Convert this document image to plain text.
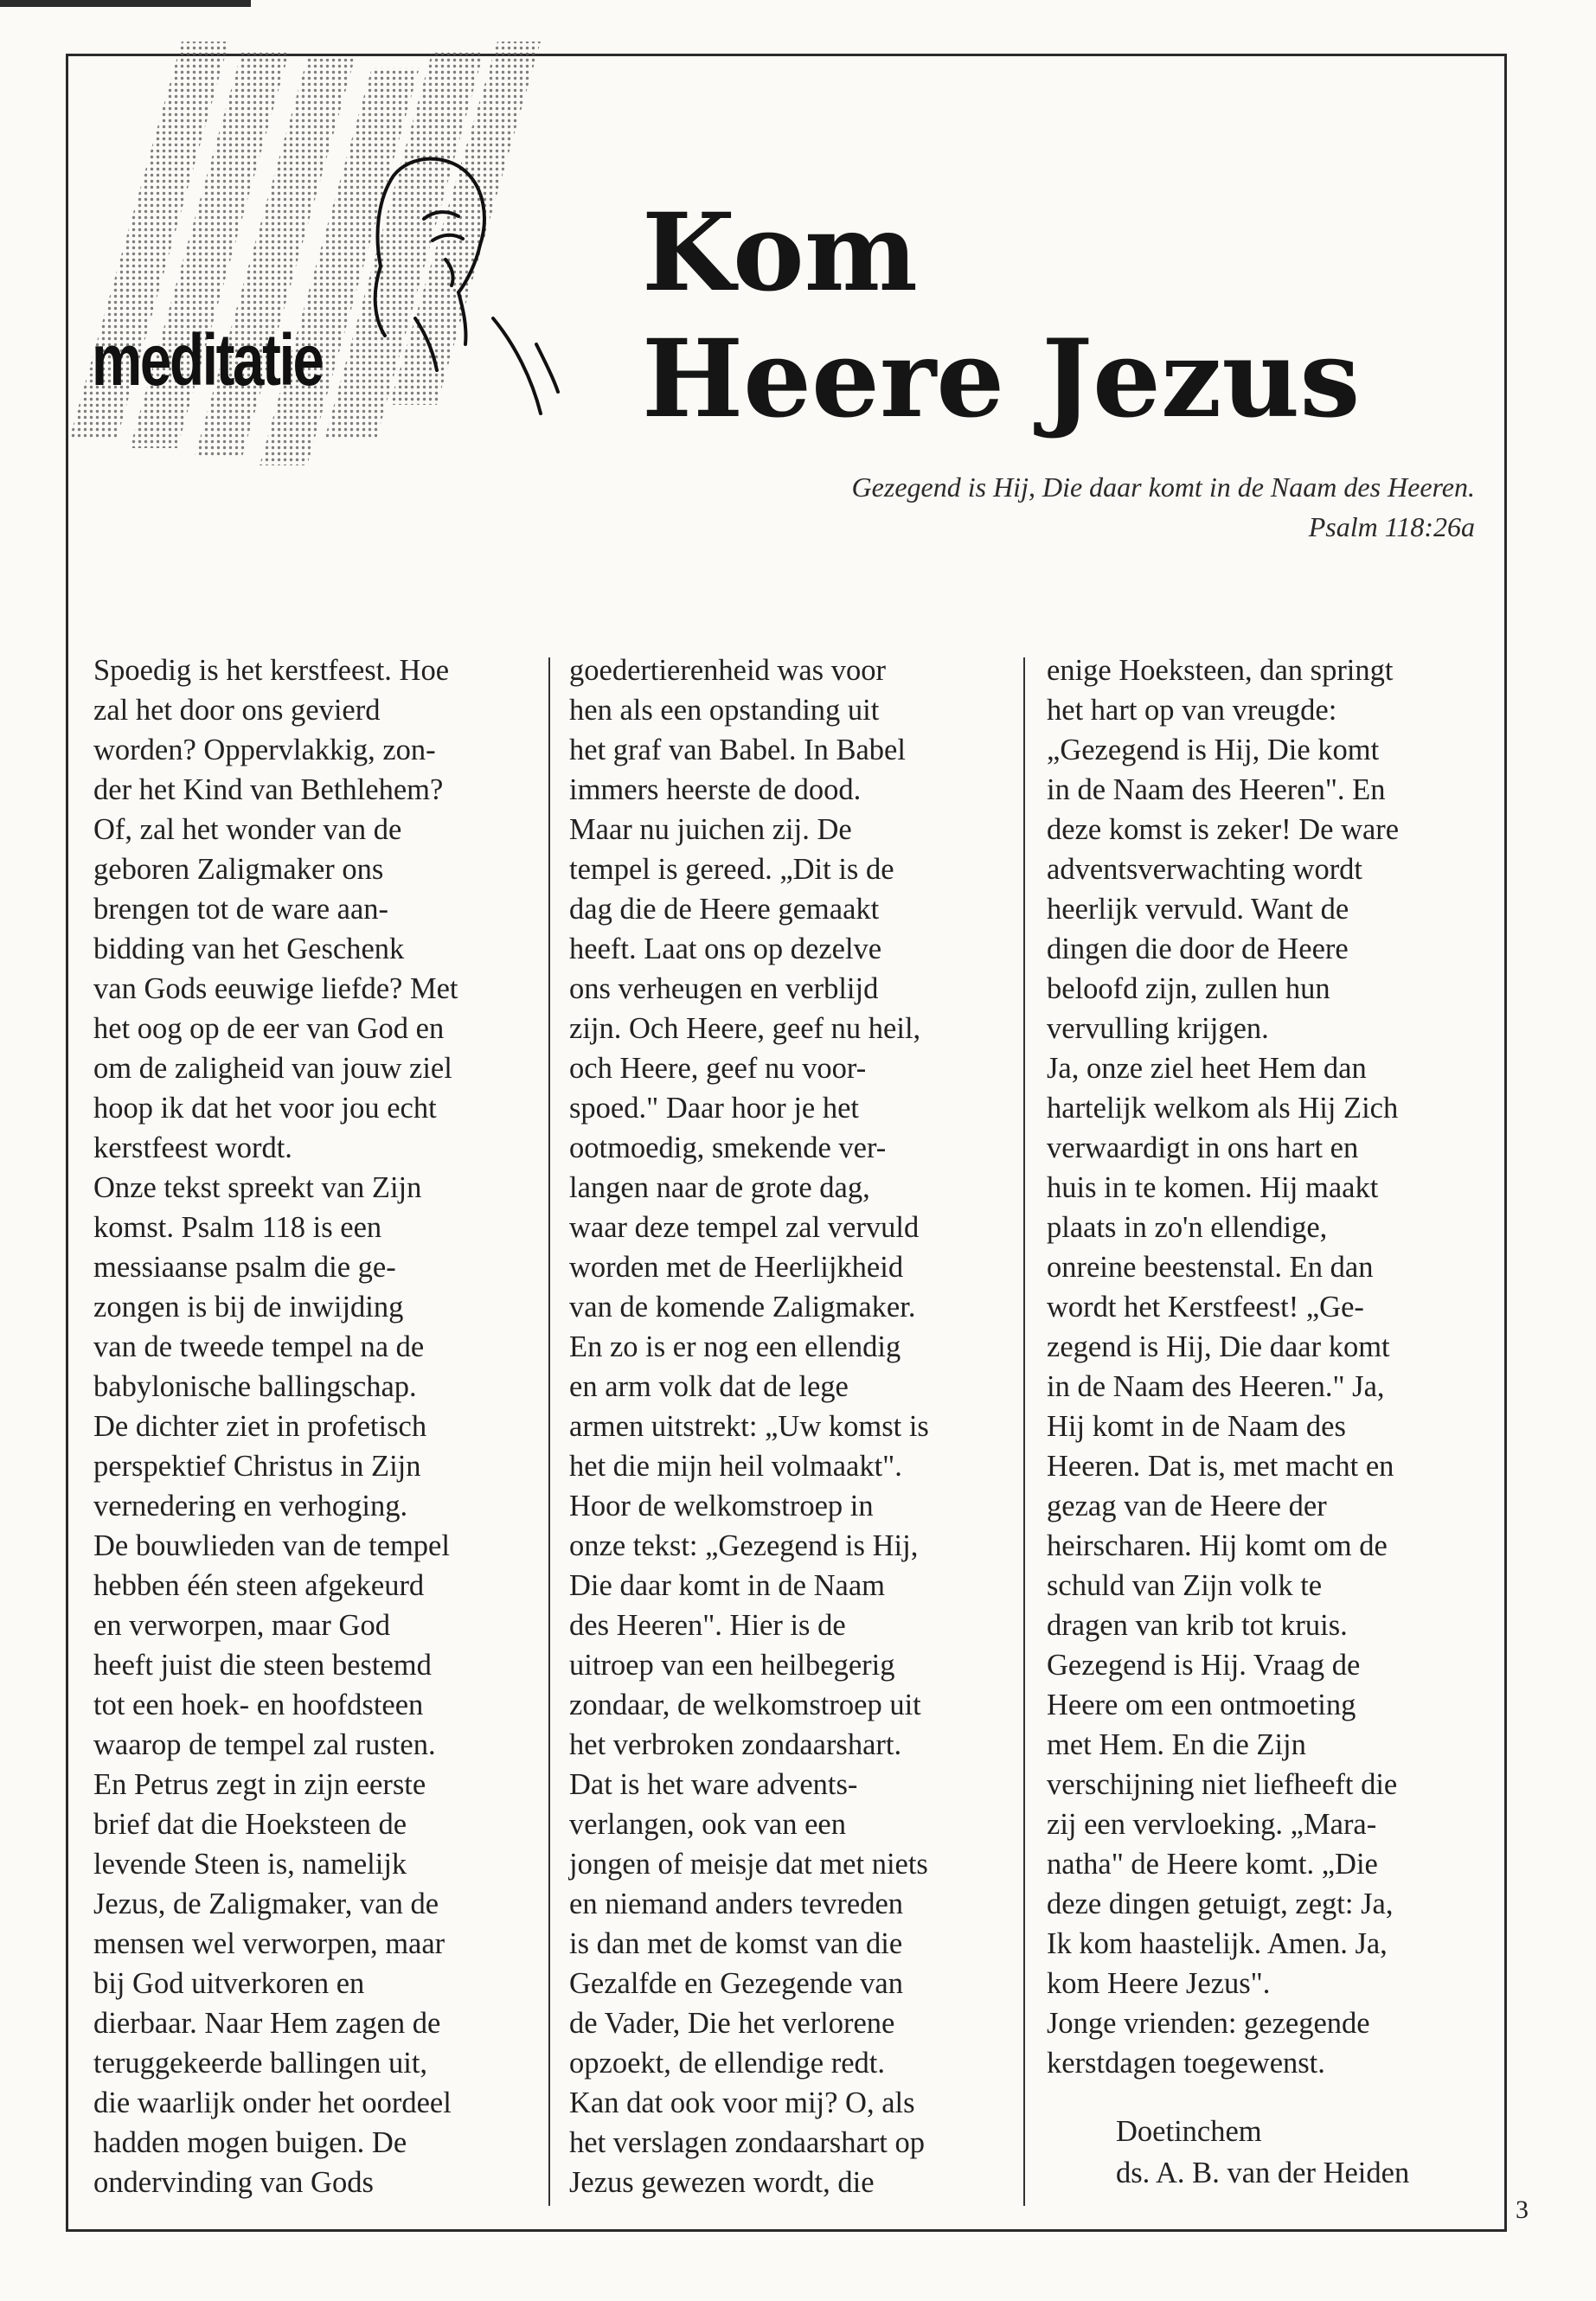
meditatie
Kom
Heere Jezus
Gezegend is Hij, Die daar komt in de Naam des Heeren.
Psalm 118:26a
Spoedig is het kerstfeest. Hoe
zal het door ons gevierd
worden? Oppervlakkig, zon-
der het Kind van Bethlehem?
Of, zal het wonder van de
geboren Zaligmaker ons
brengen tot de ware aan-
bidding van het Geschenk
van Gods eeuwige liefde? Met
het oog op de eer van God en
om de zaligheid van jouw ziel
hoop ik dat het voor jou echt
kerstfeest wordt.
Onze tekst spreekt van Zijn
komst. Psalm 118 is een
messiaanse psalm die ge-
zongen is bij de inwijding
van de tweede tempel na de
babylonische ballingschap.
De dichter ziet in profetisch
perspektief Christus in Zijn
vernedering en verhoging.
De bouwlieden van de tempel
hebben één steen afgekeurd
en verworpen, maar God
heeft juist die steen bestemd
tot een hoek- en hoofdsteen
waarop de tempel zal rusten.
En Petrus zegt in zijn eerste
brief dat die Hoeksteen de
levende Steen is, namelijk
Jezus, de Zaligmaker, van de
mensen wel verworpen, maar
bij God uitverkoren en
dierbaar. Naar Hem zagen de
teruggekeerde ballingen uit,
die waarlijk onder het oordeel
hadden mogen buigen. De
ondervinding van Gods
goedertierenheid was voor
hen als een opstanding uit
het graf van Babel. In Babel
immers heerste de dood.
Maar nu juichen zij. De
tempel is gereed. „Dit is de
dag die de Heere gemaakt
heeft. Laat ons op dezelve
ons verheugen en verblijd
zijn. Och Heere, geef nu heil,
och Heere, geef nu voor-
spoed." Daar hoor je het
ootmoedig, smekende ver-
langen naar de grote dag,
waar deze tempel zal vervuld
worden met de Heerlijkheid
van de komende Zaligmaker.
En zo is er nog een ellendig
en arm volk dat de lege
armen uitstrekt: „Uw komst is
het die mijn heil volmaakt".
Hoor de welkomstroep in
onze tekst: „Gezegend is Hij,
Die daar komt in de Naam
des Heeren". Hier is de
uitroep van een heilbegerig
zondaar, de welkomstroep uit
het verbroken zondaarshart.
Dat is het ware advents-
verlangen, ook van een
jongen of meisje dat met niets
en niemand anders tevreden
is dan met de komst van die
Gezalfde en Gezegende van
de Vader, Die het verlorene
opzoekt, de ellendige redt.
Kan dat ook voor mij? O, als
het verslagen zondaarshart op
Jezus gewezen wordt, die
enige Hoeksteen, dan springt
het hart op van vreugde:
„Gezegend is Hij, Die komt
in de Naam des Heeren". En
deze komst is zeker! De ware
adventsverwachting wordt
heerlijk vervuld. Want de
dingen die door de Heere
beloofd zijn, zullen hun
vervulling krijgen.
Ja, onze ziel heet Hem dan
hartelijk welkom als Hij Zich
verwaardigt in ons hart en
huis in te komen. Hij maakt
plaats in zo'n ellendige,
onreine beestenstal. En dan
wordt het Kerstfeest! „Ge-
zegend is Hij, Die daar komt
in de Naam des Heeren." Ja,
Hij komt in de Naam des
Heeren. Dat is, met macht en
gezag van de Heere der
heirscharen. Hij komt om de
schuld van Zijn volk te
dragen van krib tot kruis.
Gezegend is Hij. Vraag de
Heere om een ontmoeting
met Hem. En die Zijn
verschijning niet liefheeft die
zij een vervloeking. „Mara-
natha" de Heere komt. „Die
deze dingen getuigt, zegt: Ja,
Ik kom haastelijk. Amen. Ja,
kom Heere Jezus".
Jonge vrienden: gezegende
kerstdagen toegewenst.
Doetinchem
ds. A. B. van der Heiden
3
